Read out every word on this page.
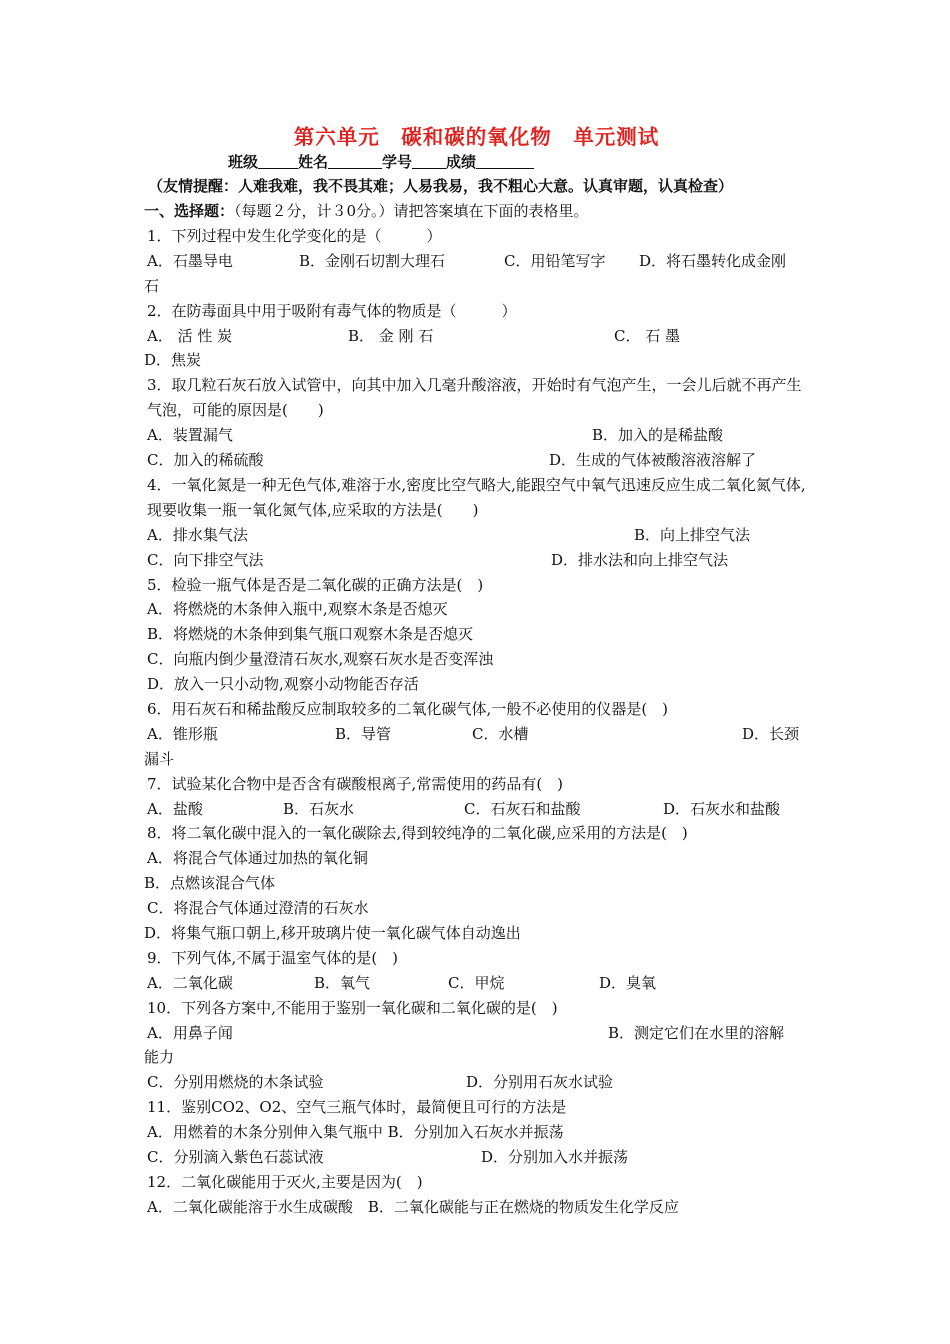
第六单元　碳和碳的氧化物　单元测试
班级	姓名	学号 成绩
（友情提醒：人难我难，我不畏其难；人易我易，我不粗心大意。认真审题，认真检查）
一、选择题：（每题２分，计３0分。）请把答案填在下面的表格里。
1．下列过程中发生化学变化的是（　　　）
A．石墨导电	B．金刚石切割大理石	C．用铅笔写字 D．将石墨转化成金刚
石
2．在防毒面具中用于吸附有毒气体的物质是（　　　）
A． 活 性 炭	B． 金 刚 石	C． 石 墨
D．焦炭
3．取几粒石灰石放入试管中，向其中加入几毫升酸溶液，开始时有气泡产生，一会儿后就不再产生气泡，可能的原因是(　　)
A．装置漏气	B．加入的是稀盐酸
C．加入的稀硫酸	D．生成的气体被酸溶液溶解了
4．一氧化氮是一种无色气体,难溶于水,密度比空气略大,能跟空气中氧气迅速反应生成二氧化氮气体,现要收集一瓶一氧化氮气体,应采取的方法是(　　)
A．排水集气法	B．向上排空气法
C．向下排空气法	D．排水法和向上排空气法
5．检验一瓶气体是否是二氧化碳的正确方法是(　)
A．将燃烧的木条伸入瓶中,观察木条是否熄灭
B．将燃烧的木条伸到集气瓶口观察木条是否熄灭
C．向瓶内倒少量澄清石灰水,观察石灰水是否变浑浊
D．放入一只小动物,观察小动物能否存活
6．用石灰石和稀盐酸反应制取较多的二氧化碳气体,一般不必使用的仪器是(　)
A．锥形瓶	B．导管	C．水槽	D．长颈
漏斗
7．试验某化合物中是否含有碳酸根离子,常需使用的药品有(　)
A．盐酸	B．石灰水	C．石灰石和盐酸	D．石灰水和盐酸
8．将二氧化碳中混入的一氧化碳除去,得到较纯净的二氧化碳,应采用的方法是(　)
A．将混合气体通过加热的氧化铜
B．点燃该混合气体
C．将混合气体通过澄清的石灰水
D．将集气瓶口朝上,移开玻璃片使一氧化碳气体自动逸出
9．下列气体,不属于温室气体的是(　)
A．二氧化碳	B．氧气	C．甲烷	D．臭氧
10．下列各方案中,不能用于鉴别一氧化碳和二氧化碳的是(　)
A．用鼻子闻	B．测定它们在水里的溶解
能力
C．分别用燃烧的木条试验	D．分别用石灰水试验
11．鉴别CO2、O2、空气三瓶气体时，最简便且可行的方法是
A．用燃着的木条分别伸入集气瓶中 B．分别加入石灰水并振荡
C．分别滴入紫色石蕊试液	D．分别加入水并振荡
12．二氧化碳能用于灭火,主要是因为(　)
A．二氧化碳能溶于水生成碳酸　B．二氧化碳能与正在燃烧的物质发生化学反应
